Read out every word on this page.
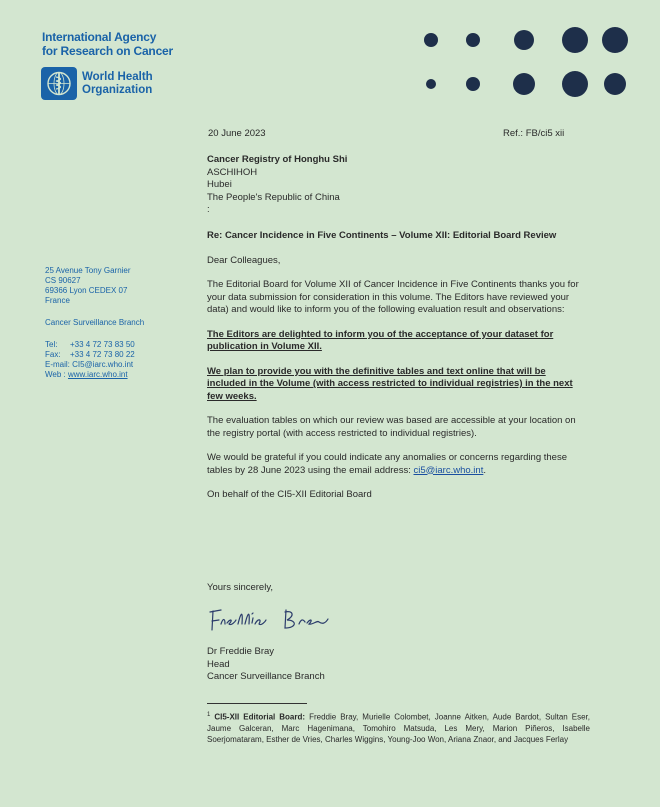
International Agency
for Research on Cancer
World Health
Organization
20 June 2023	Ref.: FB/ci5 xii
Cancer Registry of Honghu Shi
ASCHIHOH
Hubei
The People's Republic of China
:
25 Avenue Tony Garnier
CS 90627
69366 Lyon CEDEX 07
France
Cancer Surveillance Branch
Tel:	+33 4 72 73 83 50
Fax:	+33 4 72 73 80 22
E-mail: CI5@iarc.who.int
Web : www.iarc.who.int

Re: Cancer Incidence in Five Continents – Volume XII: Editorial Board Review

Dear Colleagues,

The Editorial Board for Volume XII of Cancer Incidence in Five Continents thanks you for your data submission for consideration in this volume. The Editors have reviewed your data) and would like to inform you of the following evaluation result and observations:

The Editors are delighted to inform you of the acceptance of your dataset for publication in Volume XII.

We plan to provide you with the definitive tables and text online that will be included in the Volume (with access restricted to individual registries) in the next few weeks.

The evaluation tables on which our review was based are accessible at your location on the registry portal (with access restricted to individual registries).

We would be grateful if you could indicate any anomalies or concerns regarding these tables by 28 June 2023 using the email address: ci5@iarc.who.int.

On behalf of the CI5-XII Editorial Board

Yours sincerely,
Dr Freddie Bray
Head
Cancer Surveillance Branch
$^1$ CI5-XII Editorial Board: Freddie Bray, Murielle Colombet, Joanne Aitken, Aude Bardot, Sultan Eser, Jaume Galceran, Marc Hagenimana, Tomohiro Matsuda, Les Mery, Marion Piñeros, Isabelle Soerjomataram, Esther de Vries, Charles Wiggins, Young-Joo Won, Ariana Znaor, and Jacques Ferlay
